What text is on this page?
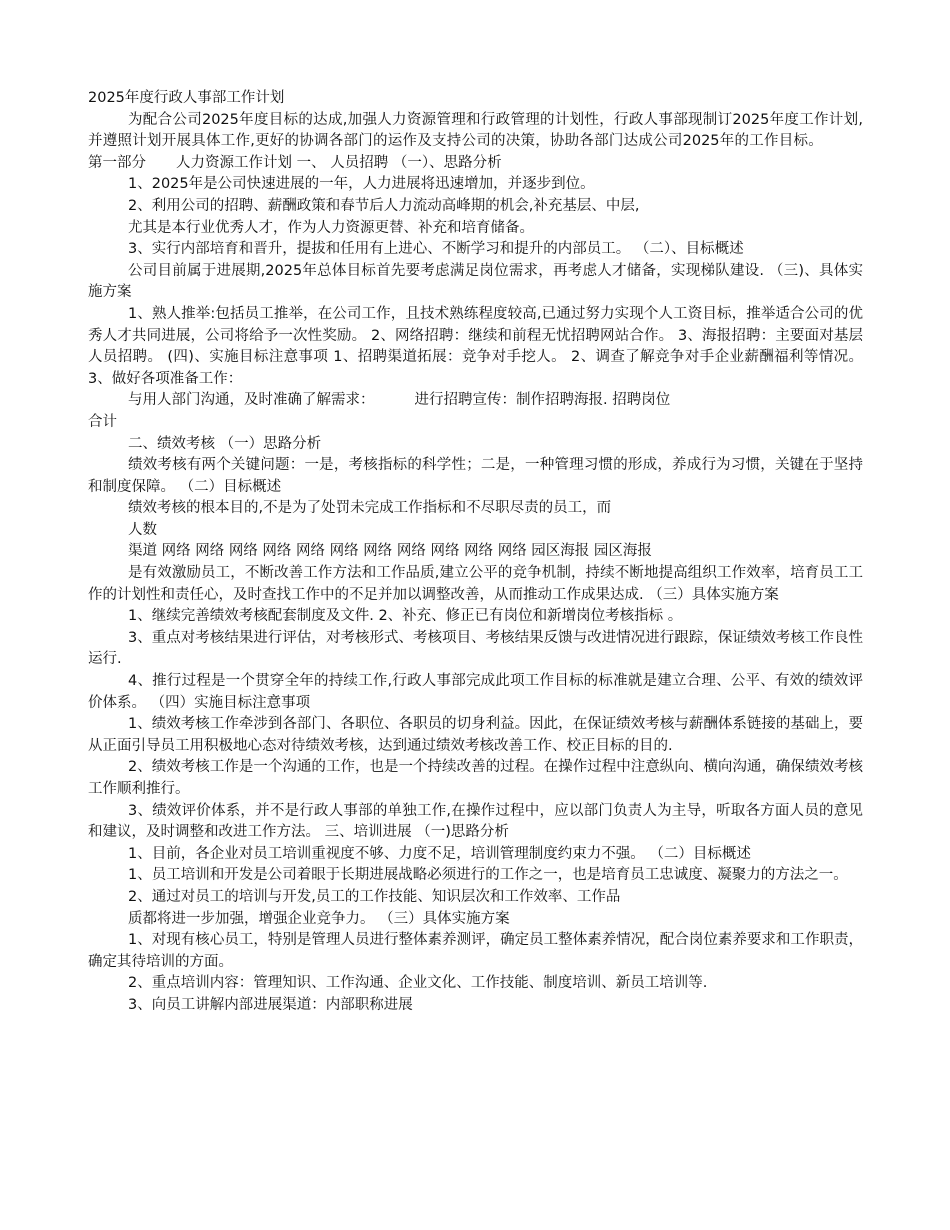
2025年度行政人事部工作计划

为配合公司2025年度目标的达成,加强人力资源管理和行政管理的计划性，行政人事部现制订2025年度工作计划,并遵照计划开展具体工作,更好的协调各部门的运作及支持公司的决策，协助各部门达成公司2025年的工作目标。第一部分 人力资源工作计划 一、 人员招聘 （一）、思路分析

1、2025年是公司快速进展的一年，人力进展将迅速增加，并逐步到位。

2、利用公司的招聘、薪酬政策和春节后人力流动高峰期的机会,补充基层、中层,

尤其是本行业优秀人才，作为人力资源更替、补充和培育储备。

3、实行内部培育和晋升，提拔和任用有上进心、不断学习和提升的内部员工。 （二）、目标概述

公司目前属于进展期,2025年总体目标首先要考虑满足岗位需求，再考虑人才储备，实现梯队建设. （三)、具体实施方案

1、熟人推举:包括员工推举，在公司工作，且技术熟练程度较高,已通过努力实现个人工资目标，推举适合公司的优秀人才共同进展，公司将给予一次性奖励。 2、网络招聘：继续和前程无忧招聘网站合作。 3、海报招聘：主要面对基层人员招聘。 (四)、实施目标注意事项 1、招聘渠道拓展：竞争对手挖人。 2、调查了解竞争对手企业薪酬福利等情况。 3、做好各项准备工作：

与用人部门沟通，及时准确了解需求：	进行招聘宣传：制作招聘海报. 招聘岗位

合计

二、绩效考核 （一）思路分析

绩效考核有两个关键问题：一是，考核指标的科学性；二是，一种管理习惯的形成，养成行为习惯，关键在于坚持和制度保障。 （二）目标概述

绩效考核的根本目的,不是为了处罚未完成工作指标和不尽职尽责的员工，而

人数

渠道 网络 网络 网络 网络 网络 网络 网络 网络 网络 网络 网络 园区海报 园区海报

是有效激励员工，不断改善工作方法和工作品质,建立公平的竞争机制，持续不断地提高组织工作效率，培育员工工作的计划性和责任心，及时查找工作中的不足并加以调整改善，从而推动工作成果达成. （三）具体实施方案

1、继续完善绩效考核配套制度及文件. 2、补充、修正已有岗位和新增岗位考核指标 。

3、重点对考核结果进行评估，对考核形式、考核项目、考核结果反馈与改进情况进行跟踪，保证绩效考核工作良性运行.

4、推行过程是一个贯穿全年的持续工作,行政人事部完成此项工作目标的标准就是建立合理、公平、有效的绩效评价体系。 （四）实施目标注意事项

1、绩效考核工作牵涉到各部门、各职位、各职员的切身利益。因此，在保证绩效考核与薪酬体系链接的基础上，要从正面引导员工用积极地心态对待绩效考核，达到通过绩效考核改善工作、校正目标的目的.

2、绩效考核工作是一个沟通的工作，也是一个持续改善的过程。在操作过程中注意纵向、横向沟通，确保绩效考核工作顺利推行。

3、绩效评价体系，并不是行政人事部的单独工作,在操作过程中，应以部门负责人为主导，听取各方面人员的意见和建议，及时调整和改进工作方法。 三、培训进展 （一)思路分析

1、目前，各企业对员工培训重视度不够、力度不足，培训管理制度约束力不强。 （二）目标概述

1、员工培训和开发是公司着眼于长期进展战略必须进行的工作之一，也是培育员工忠诚度、凝聚力的方法之一。

2、通过对员工的培训与开发,员工的工作技能、知识层次和工作效率、工作品

质都将进一步加强，增强企业竞争力。 （三）具体实施方案

1、对现有核心员工，特别是管理人员进行整体素养测评，确定员工整体素养情况，配合岗位素养要求和工作职责，确定其待培训的方面。

2、重点培训内容：管理知识、工作沟通、企业文化、工作技能、制度培训、新员工培训等.

3、向员工讲解内部进展渠道：内部职称进展
